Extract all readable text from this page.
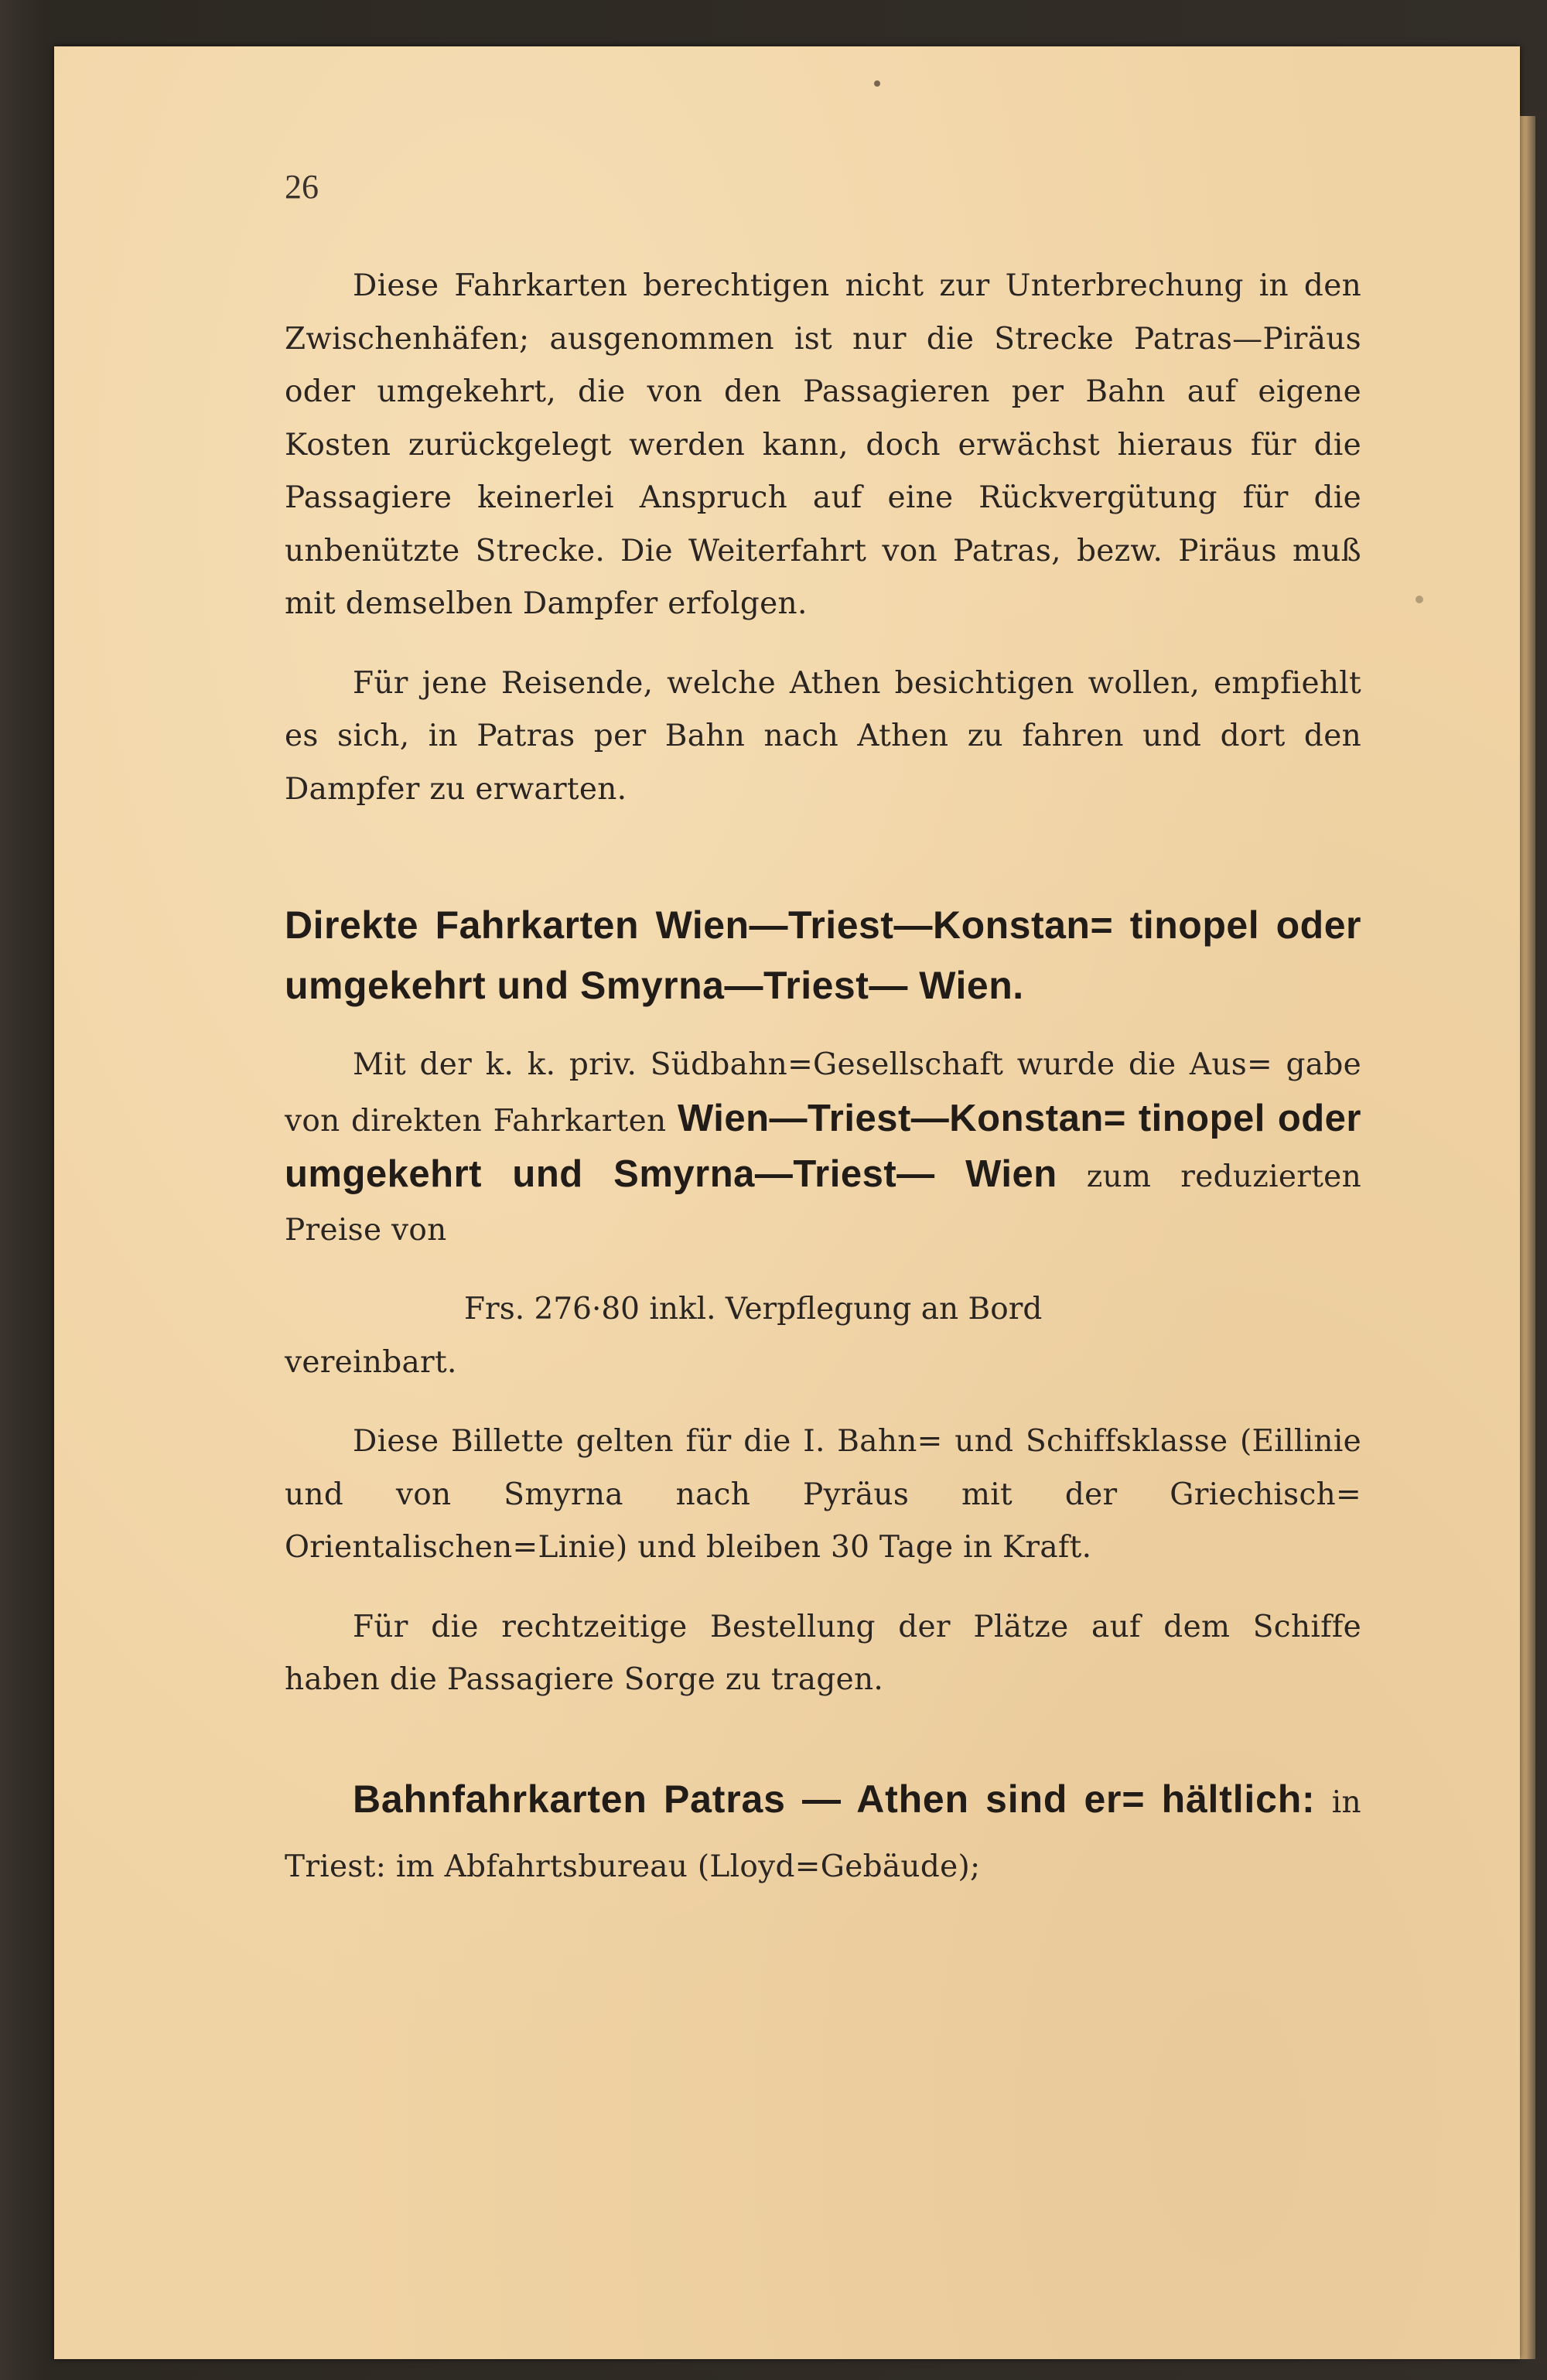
26

Diese Fahrkarten berechtigen nicht zur Unterbrechung in den Zwischenhäfen; ausgenommen ist nur die Strecke Patras—Piräus oder umgekehrt, die von den Passagieren per Bahn auf eigene Kosten zurückgelegt werden kann, doch erwächst hieraus für die Passagiere keinerlei Anspruch auf eine Rückvergütung für die unbenützte Strecke. Die Weiterfahrt von Patras, bezw. Piräus muß mit demselben Dampfer erfolgen.

Für jene Reisende, welche Athen besichtigen wollen, empfiehlt es sich, in Patras per Bahn nach Athen zu fahren und dort den Dampfer zu erwarten.

Direkte Fahrkarten Wien—Triest—Konstan= tinopel oder umgekehrt und Smyrna—Triest— Wien.

Mit der k. k. priv. Südbahn=Gesellschaft wurde die Aus= gabe von direkten Fahrkarten Wien—Triest—Konstan= tinopel oder umgekehrt und Smyrna—Triest— Wien zum reduzierten Preise von

Frs. 276·80 inkl. Verpflegung an Bord

vereinbart.

Diese Billette gelten für die I. Bahn= und Schiffsklasse (Eillinie und von Smyrna nach Pyräus mit der Griechisch= Orientalischen=Linie) und bleiben 30 Tage in Kraft.

Für die rechtzeitige Bestellung der Plätze auf dem Schiffe haben die Passagiere Sorge zu tragen.

Bahnfahrkarten Patras — Athen sind er= hältlich: in Triest: im Abfahrtsbureau (Lloyd=Gebäude);
